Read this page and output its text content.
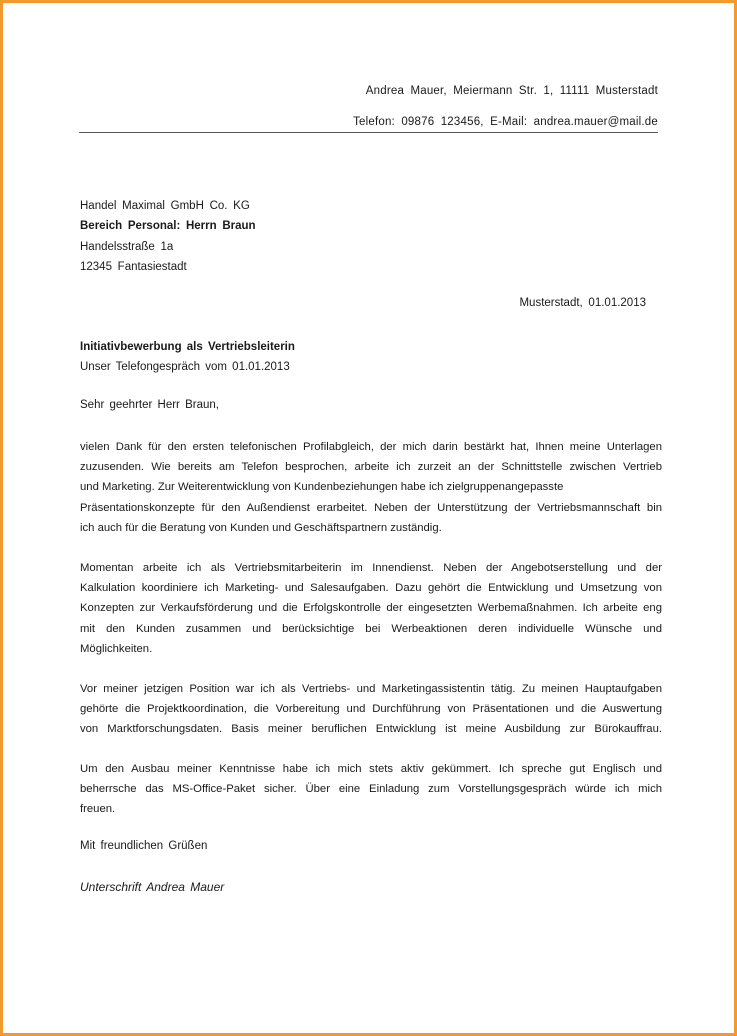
Andrea Mauer, Meiermann Str. 1, 11111 Musterstadt
Telefon: 09876 123456, E-Mail: andrea.mauer@mail.de
Handel Maximal GmbH Co. KG
Bereich Personal: Herrn Braun
Handelsstraße 1a
12345 Fantasiestadt
Musterstadt, 01.01.2013
Initiativbewerbung als Vertriebsleiterin
Unser Telefongespräch vom 01.01.2013
Sehr geehrter Herr Braun,
vielen Dank für den ersten telefonischen Profilabgleich, der mich darin bestärkt hat, Ihnen meine Unterlagen
zuzusenden. Wie bereits am Telefon besprochen, arbeite ich zurzeit an der Schnittstelle zwischen Vertrieb
und Marketing. Zur Weiterentwicklung von Kundenbeziehungen habe ich zielgruppenangepasste
Präsentationskonzepte für den Außendienst erarbeitet. Neben der Unterstützung der Vertriebsmannschaft bin
ich auch für die Beratung von Kunden und Geschäftspartnern zuständig.
Momentan arbeite ich als Vertriebsmitarbeiterin im Innendienst. Neben der Angebotserstellung und der
Kalkulation koordiniere ich Marketing- und Salesaufgaben. Dazu gehört die Entwicklung und Umsetzung von
Konzepten zur Verkaufsförderung und die Erfolgskontrolle der eingesetzten Werbemaßnahmen. Ich arbeite eng
mit den Kunden zusammen und berücksichtige bei Werbeaktionen deren individuelle Wünsche und
Möglichkeiten.
Vor meiner jetzigen Position war ich als Vertriebs- und Marketingassistentin tätig. Zu meinen Hauptaufgaben
gehörte die Projektkoordination, die Vorbereitung und Durchführung von Präsentationen und die Auswertung
von Marktforschungsdaten. Basis meiner beruflichen Entwicklung ist meine Ausbildung zur Bürokauffrau.
Um den Ausbau meiner Kenntnisse habe ich mich stets aktiv gekümmert. Ich spreche gut Englisch und
beherrsche das MS-Office-Paket sicher. Über eine Einladung zum Vorstellungsgespräch würde ich mich
freuen.
Mit freundlichen Grüßen
Unterschrift Andrea Mauer
